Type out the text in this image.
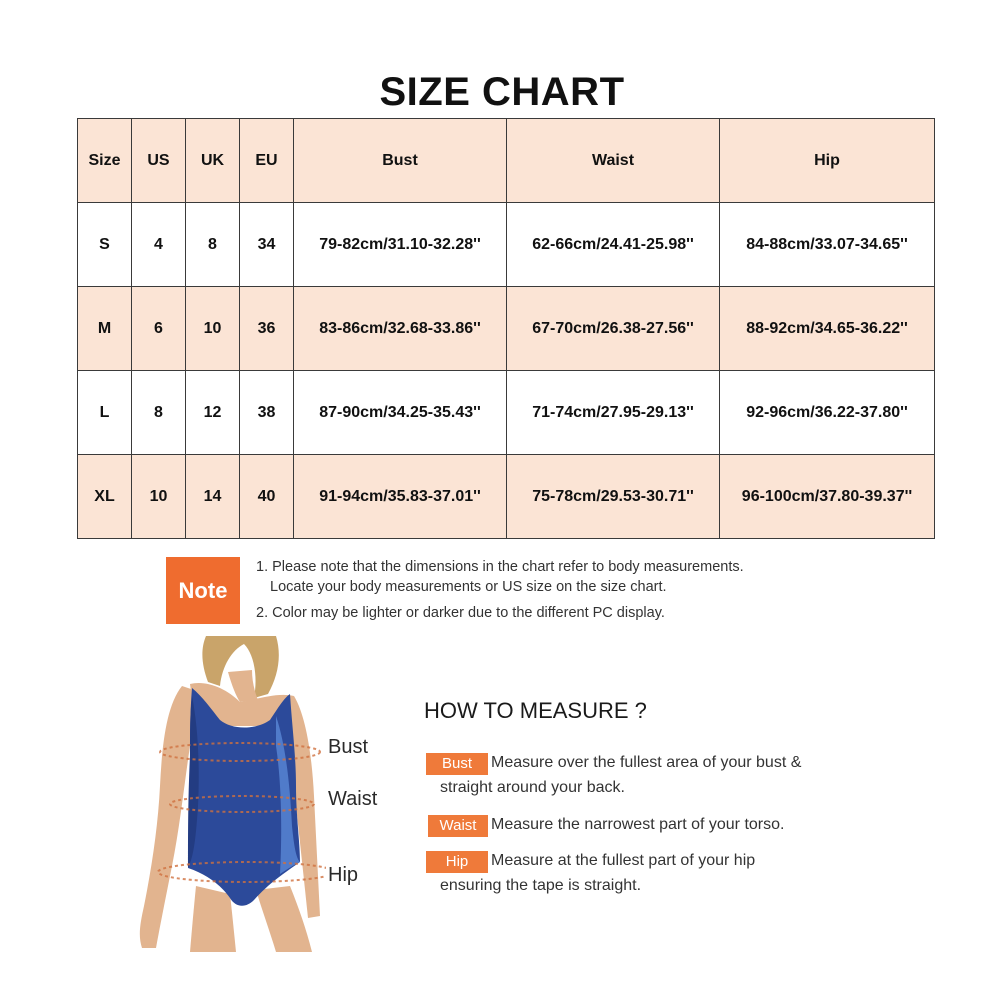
SIZE CHART
Size	US	UK	EU	Bust	Waist	Hip
S	4	8	34	79-82cm/31.10-32.28''	62-66cm/24.41-25.98''	84-88cm/33.07-34.65''
M	6	10	36	83-86cm/32.68-33.86''	67-70cm/26.38-27.56''	88-92cm/34.65-36.22''
L	8	12	38	87-90cm/34.25-35.43''	71-74cm/27.95-29.13''	92-96cm/36.22-37.80''
XL	10	14	40	91-94cm/35.83-37.01''	75-78cm/29.53-30.71''	96-100cm/37.80-39.37''
Note
1. Please note that the dimensions in the chart refer to body measurements.
Locate your body measurements or US size on the size chart.
2. Color may be lighter or darker due to the different PC display.
Bust
Waist
Hip
HOW TO MEASURE ?
Bust	Measure over the fullest area of your bust &
straight around your back.
Waist Measure the narrowest part of your torso.
Hip	Measure at the fullest part of your hip
ensuring the tape is straight.
